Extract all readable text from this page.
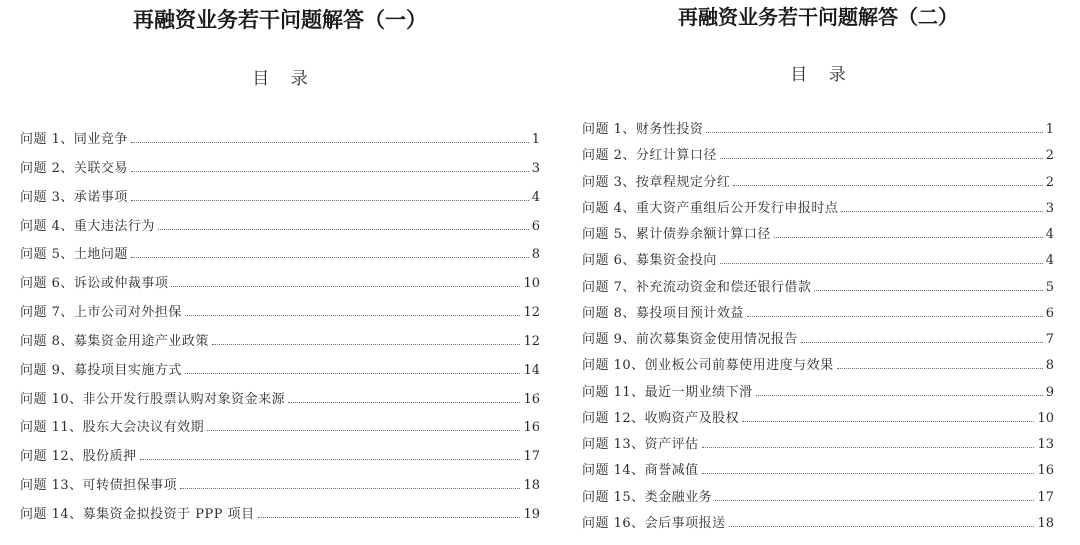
再融资业务若干问题解答（一）
目 录
问题 1、同业竞争	1
问题 2、关联交易	3
问题 3、承诺事项	4
问题 4、重大违法行为	6
问题 5、土地问题	8
问题 6、诉讼或仲裁事项	10
问题 7、上市公司对外担保	12
问题 8、募集资金用途产业政策	12
问题 9、募投项目实施方式	14
问题 10、非公开发行股票认购对象资金来源	16
问题 11、股东大会决议有效期	16
问题 12、股份质押	17
问题 13、可转债担保事项	18
问题 14、募集资金拟投资于 PPP 项目	19
再融资业务若干问题解答（二）
目 录
问题 1、财务性投资	1
问题 2、分红计算口径	2
问题 3、按章程规定分红	2
问题 4、重大资产重组后公开发行申报时点	3
问题 5、累计债券余额计算口径	4
问题 6、募集资金投向	4
问题 7、补充流动资金和偿还银行借款	5
问题 8、募投项目预计效益	6
问题 9、前次募集资金使用情况报告	7
问题 10、创业板公司前募使用进度与效果	8
问题 11、最近一期业绩下滑	9
问题 12、收购资产及股权	10
问题 13、资产评估	13
问题 14、商誉减值	16
问题 15、类金融业务	17
问题 16、会后事项报送	18
